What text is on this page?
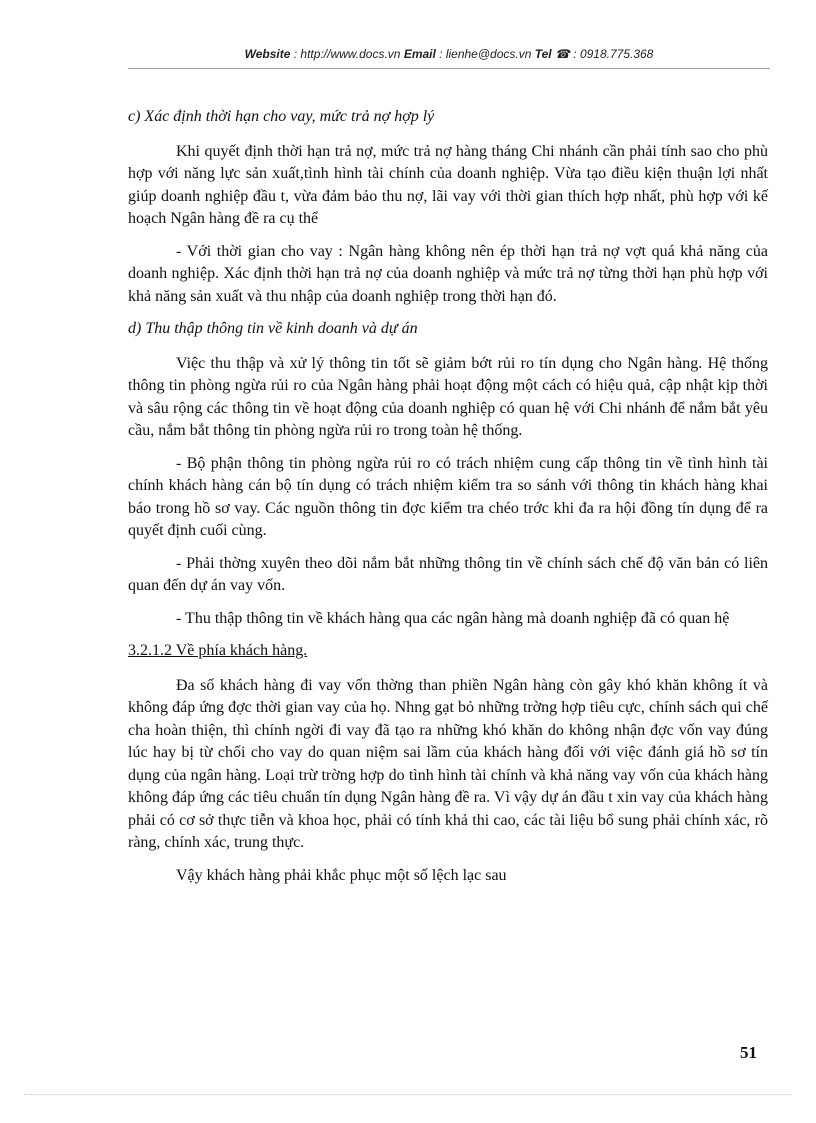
Website : http://www.docs.vn Email : lienhe@docs.vn Tel ☎ : 0918.775.368

c) Xác định thời hạn cho vay, mức trả nợ hợp lý

Khi quyết định thời hạn trả nợ, mức trả nợ hàng tháng Chi nhánh cần phải tính sao cho phù hợp với năng lực sản xuất,tình hình tài chính của doanh nghiệp. Vừa tạo điều kiện thuận lợi nhất giúp doanh nghiệp đầu t, vừa đảm bảo thu nợ, lãi vay với thời gian thích hợp nhất, phù hợp với kế hoạch Ngân hàng đề ra cụ thể

- Với thời gian cho vay : Ngân hàng không nên ép thời hạn trả nợ vợt quá khả năng của doanh nghiệp. Xác định thời hạn trả nợ của doanh nghiệp và mức trả nợ từng thời hạn phù hợp với khả năng sản xuất và thu nhập của doanh nghiệp trong thời hạn đó.

d) Thu thập thông tin về kinh doanh và dự án

Việc thu thập và xử lý thông tin tốt sẽ giảm bớt rủi ro tín dụng cho Ngân hàng. Hệ thống thông tin phòng ngừa rủi ro của Ngân hàng phải hoạt động một cách có hiệu quả, cập nhật kịp thời và sâu rộng các thông tin về hoạt động của doanh nghiệp có quan hệ với Chi nhánh để nắm bắt yêu cầu, nắm bắt thông tin phòng ngừa rủi ro trong toàn hệ thống.

- Bộ phận thông tin phòng ngừa rủi ro có trách nhiệm cung cấp thông tin về tình hình tài chính khách hàng cán bộ tín dụng có trách nhiệm kiểm tra so sánh với thông tin khách hàng khai báo trong hồ sơ vay. Các nguồn thông tin đợc kiểm tra chéo trớc khi đa ra hội đồng tín dụng để ra quyết định cuối cùng.

- Phải thờng xuyên theo dõi nắm bắt những thông tin về chính sách chế độ văn bản có liên quan đến dự án vay vốn.

- Thu thập thông tin về khách hàng qua các ngân hàng mà doanh nghiệp đã có quan hệ

3.2.1.2 Về phía khách hàng.

Đa số khách hàng đi vay vốn thờng than phiền Ngân hàng còn gây khó khăn không ít và không đáp ứng đợc thời gian vay của họ. Nhng gạt bỏ những trờng hợp tiêu cực, chính sách qui chế cha hoàn thiện, thì chính ngời đi vay đã tạo ra những khó khăn do không nhận đợc vốn vay đúng lúc hay bị từ chối cho vay do quan niệm sai lầm của khách hàng đối với việc đánh giá hồ sơ tín dụng của ngân hàng. Loại trừ trờng hợp do tình hình tài chính và khả năng vay vốn của khách hàng không đáp ứng các tiêu chuẩn tín dụng Ngân hàng đề ra. Vì vậy dự án đầu t xin vay của khách hàng phải có cơ sở thực tiễn và khoa học, phải có tính khả thi cao, các tài liệu bổ sung phải chính xác, rõ ràng, chính xác, trung thực.

Vậy khách hàng phải khắc phục một số lệch lạc sau

51
